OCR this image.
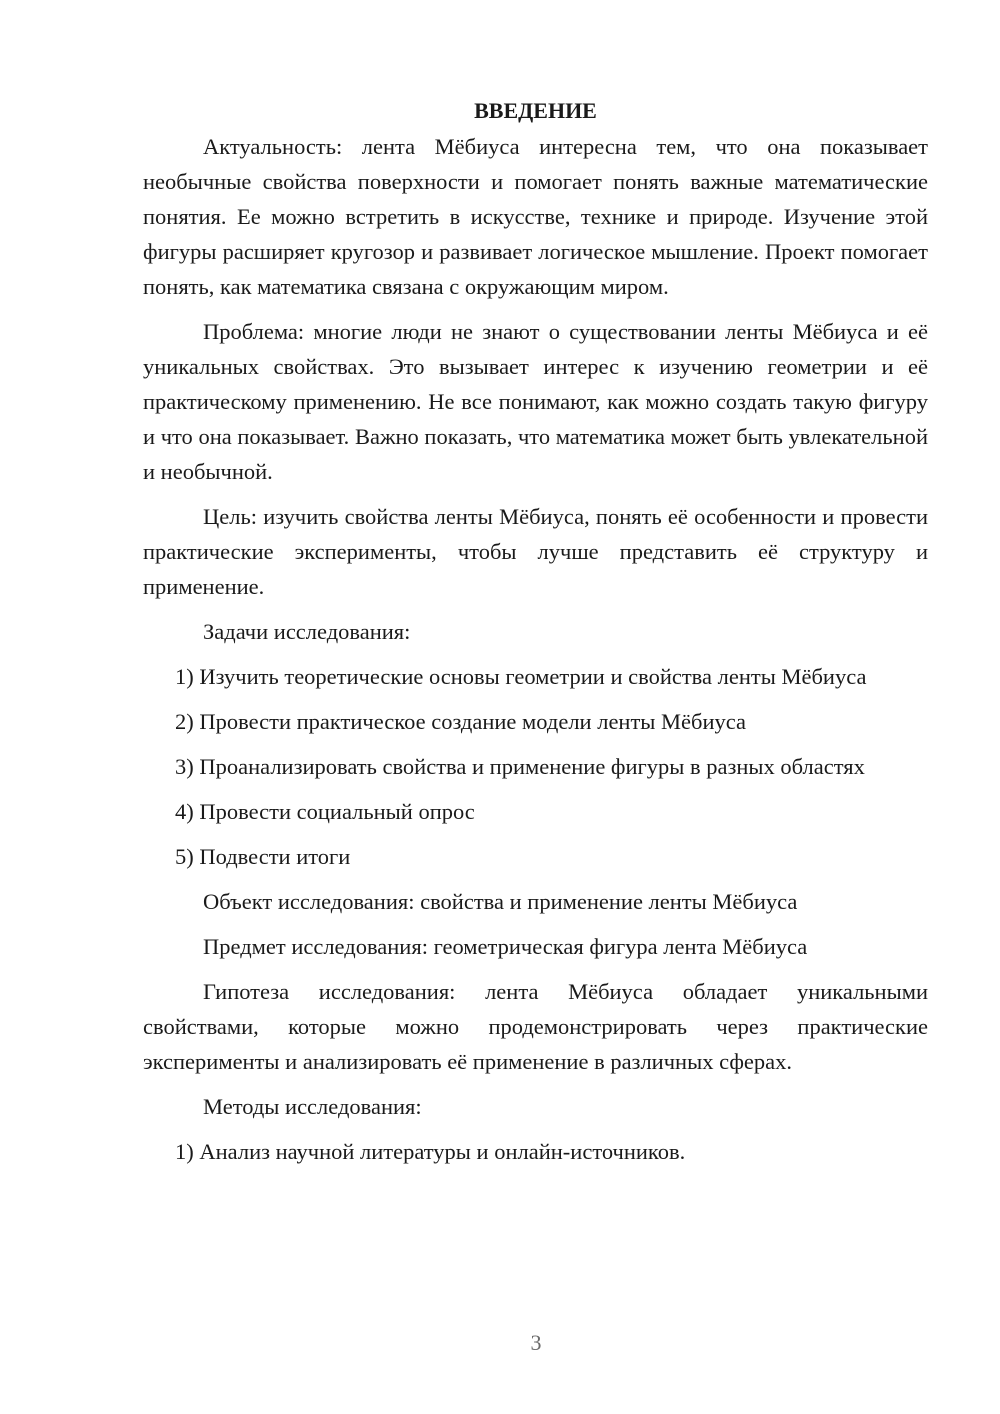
ВВЕДЕНИЕ

Актуальность: лента Мёбиуса интересна тем, что она показывает необычные свойства поверхности и помогает понять важные математические понятия. Ее можно встретить в искусстве, технике и природе. Изучение этой фигуры расширяет кругозор и развивает логическое мышление. Проект помогает понять, как математика связана с окружающим миром.

Проблема: многие люди не знают о существовании ленты Мёбиуса и её уникальных свойствах. Это вызывает интерес к изучению геометрии и её практическому применению. Не все понимают, как можно создать такую фигуру и что она показывает. Важно показать, что математика может быть увлекательной и необычной.

Цель: изучить свойства ленты Мёбиуса, понять её особенности и провести практические эксперименты, чтобы лучше представить её структуру и применение.

Задачи исследования:

1) Изучить теоретические основы геометрии и свойства ленты Мёбиуса

2) Провести практическое создание модели ленты Мёбиуса

3) Проанализировать свойства и применение фигуры в разных областях

4) Провести социальный опрос

5) Подвести итоги

Объект исследования: свойства и применение ленты Мёбиуса

Предмет исследования: геометрическая фигура лента Мёбиуса

Гипотеза исследования: лента Мёбиуса обладает уникальными свойствами, которые можно продемонстрировать через практические эксперименты и анализировать её применение в различных сферах.

Методы исследования:

1) Анализ научной литературы и онлайн-источников.

3
